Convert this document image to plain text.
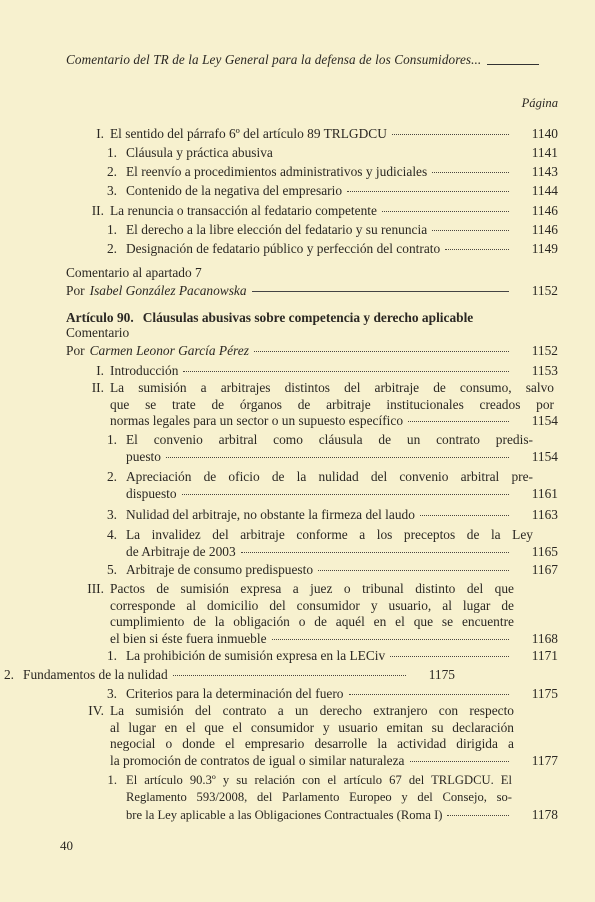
Comentario del TR de la Ley General para la defensa de los Consumidores...
Página
I. El sentido del párrafo 6º del artículo 89 TRLGDCU	1140
1. Cláusula y práctica abusiva	1141
2. El reenvío a procedimientos administrativos y judiciales	1143
3. Contenido de la negativa del empresario	1144
II. La renuncia o transacción al fedatario competente	1146
1. El derecho a la libre elección del fedatario y su renuncia	1146
2. Designación de fedatario público y perfección del contrato	1149
Comentario al apartado 7
Por Isabel González Pacanowska	1152
Artículo 90. Cláusulas abusivas sobre competencia y derecho aplicable
Comentario
Por Carmen Leonor García Pérez	1152
I. Introducción	1153
II. La sumisión a arbitrajes distintos del arbitraje de consumo, salvo
que se trate de órganos de arbitraje institucionales creados por
normas legales para un sector o un supuesto específico	1154
1. El convenio arbitral como cláusula de un contrato predis-
puesto	1154
2. Apreciación de oficio de la nulidad del convenio arbitral pre-
dispuesto	1161
3. Nulidad del arbitraje, no obstante la firmeza del laudo	1163
4. La invalidez del arbitraje conforme a los preceptos de la Ley
de Arbitraje de 2003	1165
5. Arbitraje de consumo predispuesto	1167
III. Pactos de sumisión expresa a juez o tribunal distinto del que
corresponde al domicilio del consumidor y usuario, al lugar de
cumplimiento de la obligación o de aquél en el que se encuentre
el bien si éste fuera inmueble	1168
1. La prohibición de sumisión expresa en la LECiv	1171
2. Fundamentos de la nulidad	1175
3. Criterios para la determinación del fuero	1175
IV. La sumisión del contrato a un derecho extranjero con respecto
al lugar en el que el consumidor y usuario emitan su declaración
negocial o donde el empresario desarrolle la actividad dirigida a
la promoción de contratos de igual o similar naturaleza	1177
1. El artículo 90.3º y su relación con el artículo 67 del TRLGDCU. El
Reglamento 593/2008, del Parlamento Europeo y del Consejo, so-
bre la Ley aplicable a las Obligaciones Contractuales (Roma I)	1178
40
